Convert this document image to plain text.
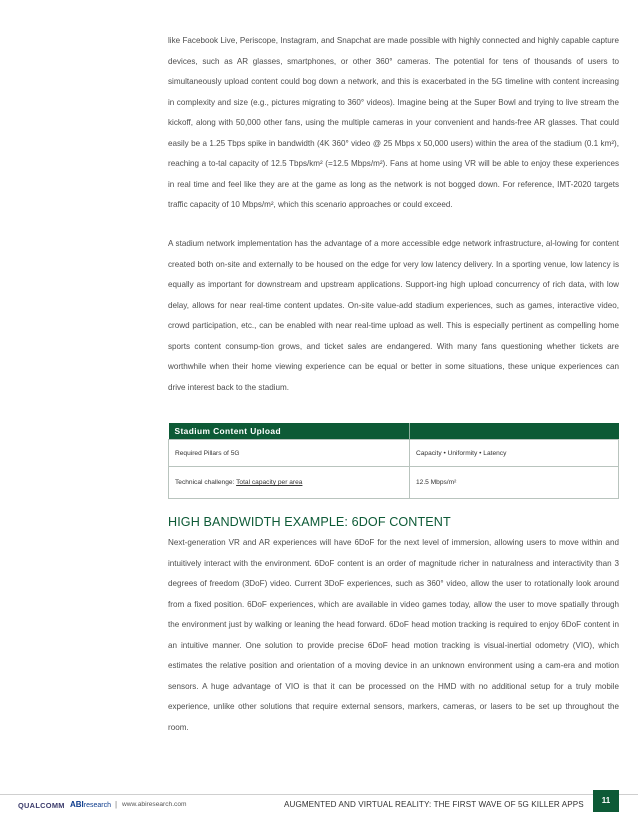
like Facebook Live, Periscope, Instagram, and Snapchat are made possible with highly connected and highly capable capture devices, such as AR glasses, smartphones, or other 360° cameras. The potential for tens of thousands of users to simultaneously upload content could bog down a network, and this is exacerbated in the 5G timeline with content increasing in complexity and size (e.g., pictures migrating to 360° videos). Imagine being at the Super Bowl and trying to live stream the kickoff, along with 50,000 other fans, using the multiple cameras in your convenient and hands-free AR glasses. That could easily be a 1.25 Tbps spike in bandwidth (4K 360° video @ 25 Mbps x 50,000 users) within the area of the stadium (0.1 km²), reaching a to-tal capacity of 12.5 Tbps/km² (=12.5 Mbps/m²). Fans at home using VR will be able to enjoy these experiences in real time and feel like they are at the game as long as the network is not bogged down. For reference, IMT-2020 targets traffic capacity of 10 Mbps/m², which this scenario approaches or could exceed.

A stadium network implementation has the advantage of a more accessible edge network infrastructure, al-lowing for content created both on-site and externally to be housed on the edge for very low latency delivery. In a sporting venue, low latency is equally as important for downstream and upstream applications. Support-ing high upload concurrency of rich data, with low delay, allows for near real-time content updates. On-site value-add stadium experiences, such as games, interactive video, crowd participation, etc., can be enabled with near real-time upload as well. This is especially pertinent as compelling home sports content consump-tion grows, and ticket sales are endangered. With many fans questioning whether tickets are worthwhile when their home viewing experience can be equal or better in some situations, these unique experiences can drive interest back to the stadium.

Stadium Content Upload	
Required Pillars of 5G	Capacity • Uniformity • Latency
Technical challenge: Total capacity per area	12.5 Mbps/m²
HIGH BANDWIDTH EXAMPLE: 6DOF CONTENT

Next-generation VR and AR experiences will have 6DoF for the next level of immersion, allowing users to move within and intuitively interact with the environment. 6DoF content is an order of magnitude richer in naturalness and interactivity than 3 degrees of freedom (3DoF) video. Current 3DoF experiences, such as 360° video, allow the user to rotationally look around from a fixed position. 6DoF experiences, which are available in video games today, allow the user to move spatially through the environment just by walking or leaning the head forward. 6DoF head motion tracking is required to enjoy 6DoF content in an intuitive manner. One solution to provide precise 6DoF head motion tracking is visual-inertial odometry (VIO), which estimates the relative position and orientation of a moving device in an unknown environment using a cam-era and motion sensors. A huge advantage of VIO is that it can be processed on the HMD with no additional setup for a truly mobile experience, unlike other solutions that require external sensors, markers, cameras, or lasers to be set up throughout the room.

QUALCOMM ABIresearch | www.abiresearch.com	AUGMENTED AND VIRTUAL REALITY: THE FIRST WAVE OF 5G KILLER APPS	11
